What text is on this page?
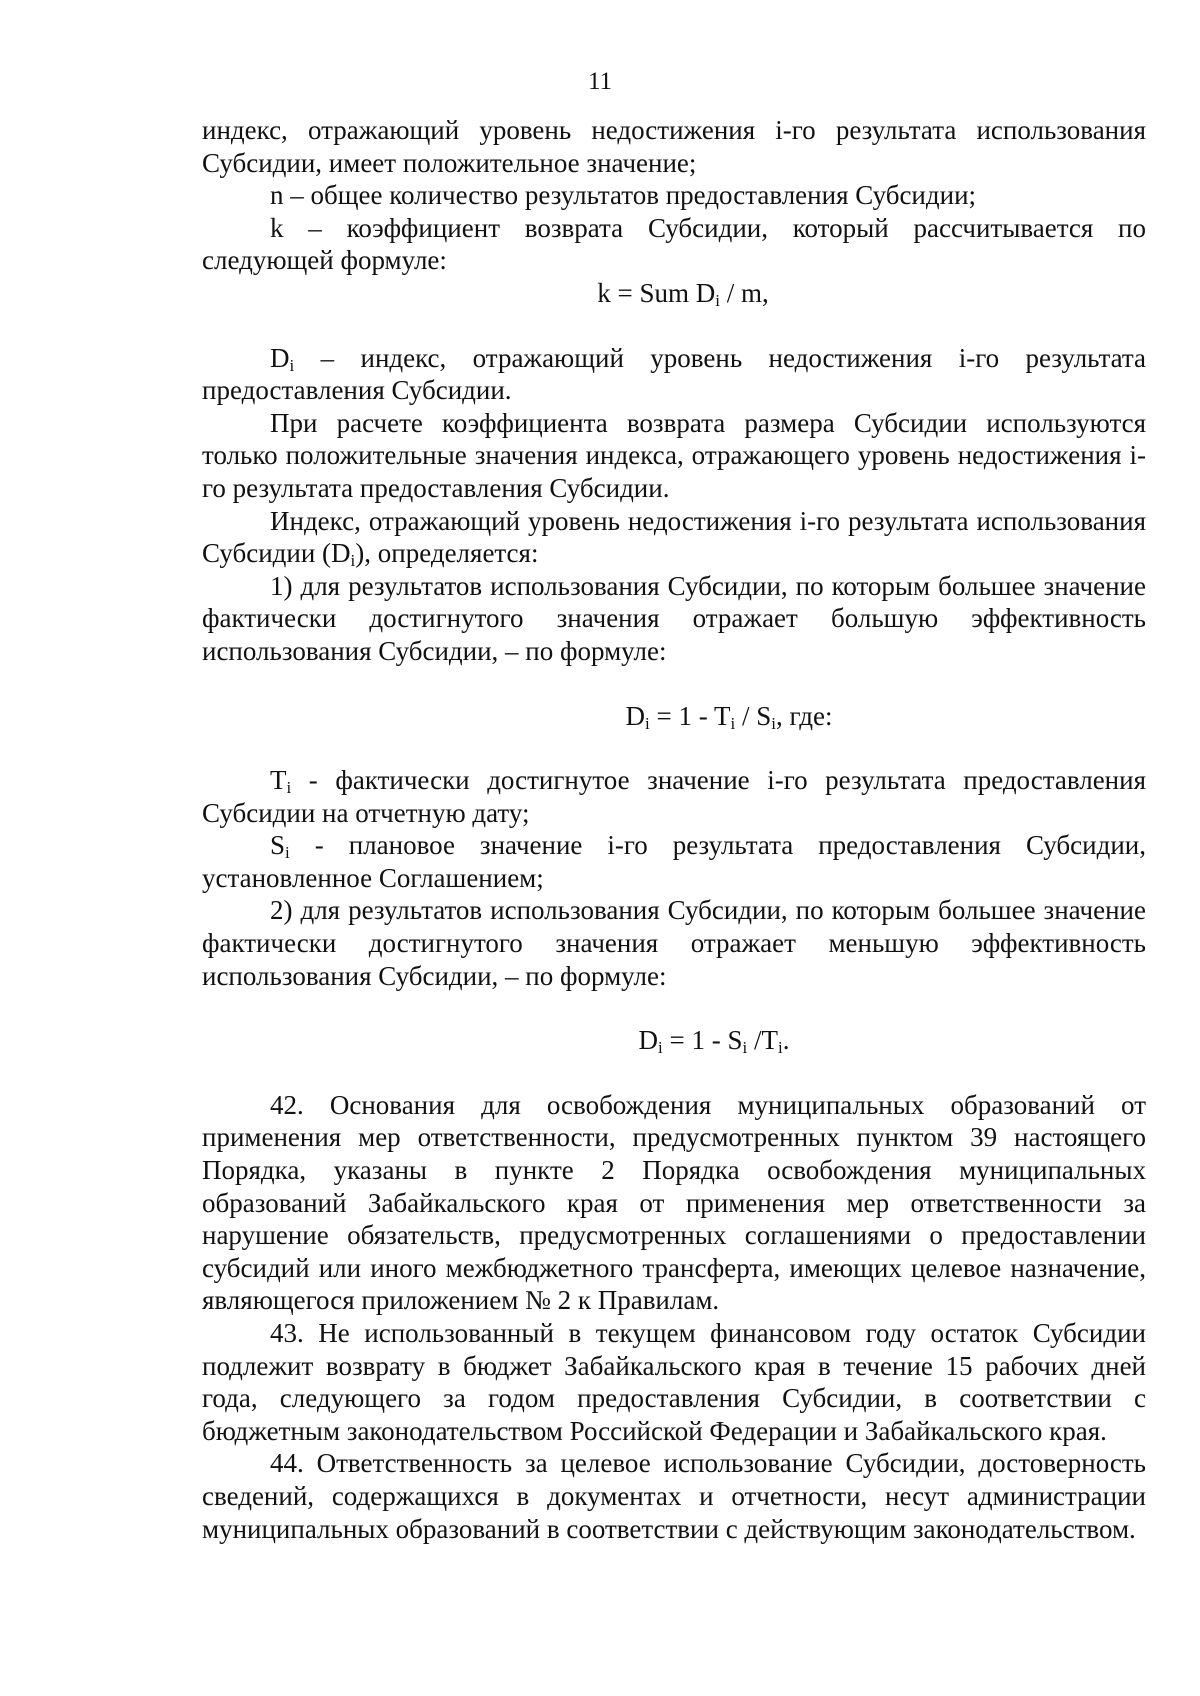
11

индекс, отражающий уровень недостижения i-го результата использования Субсидии, имеет положительное значение;

n – общее количество результатов предоставления Субсидии;

k – коэффициент возврата Субсидии, который рассчитывается по следующей формуле:

k = Sum $D_i$ / m,

$D_i$ – индекс, отражающий уровень недостижения i-го результата предоставления Субсидии.

При расчете коэффициента возврата размера Субсидии используются только положительные значения индекса, отражающего уровень недостижения i-го результата предоставления Субсидии.

Индекс, отражающий уровень недостижения i-го результата использования Субсидии $(D_i)$, определяется:

1) для результатов использования Субсидии, по которым большее значение фактически достигнутого значения отражает большую эффективность использования Субсидии, – по формуле:

$D_i = 1 - T_i / S_i$, где:

$T_i$ - фактически достигнутое значение i-го результата предоставления Субсидии на отчетную дату;

$S_i$ - плановое значение i-го результата предоставления Субсидии, установленное Соглашением;

2) для результатов использования Субсидии, по которым большее значение фактически достигнутого значения отражает меньшую эффективность использования Субсидии, – по формуле:

$D_i = 1 - S_i$ $/T_i$.

42. Основания для освобождения муниципальных образований от применения мер ответственности, предусмотренных пунктом 39 настоящего Порядка, указаны в пункте 2 Порядка освобождения муниципальных образований Забайкальского края от применения мер ответственности за нарушение обязательств, предусмотренных соглашениями о предоставлении субсидий или иного межбюджетного трансферта, имеющих целевое назначение, являющегося приложением № 2 к Правилам.

43. Не использованный в текущем финансовом году остаток Субсидии подлежит возврату в бюджет Забайкальского края в течение 15 рабочих дней года, следующего за годом предоставления Субсидии, в соответствии с бюджетным законодательством Российской Федерации и Забайкальского края.

44. Ответственность за целевое использование Субсидии, достоверность сведений, содержащихся в документах и отчетности, несут администрации муниципальных образований в соответствии с действующим законодательством.
